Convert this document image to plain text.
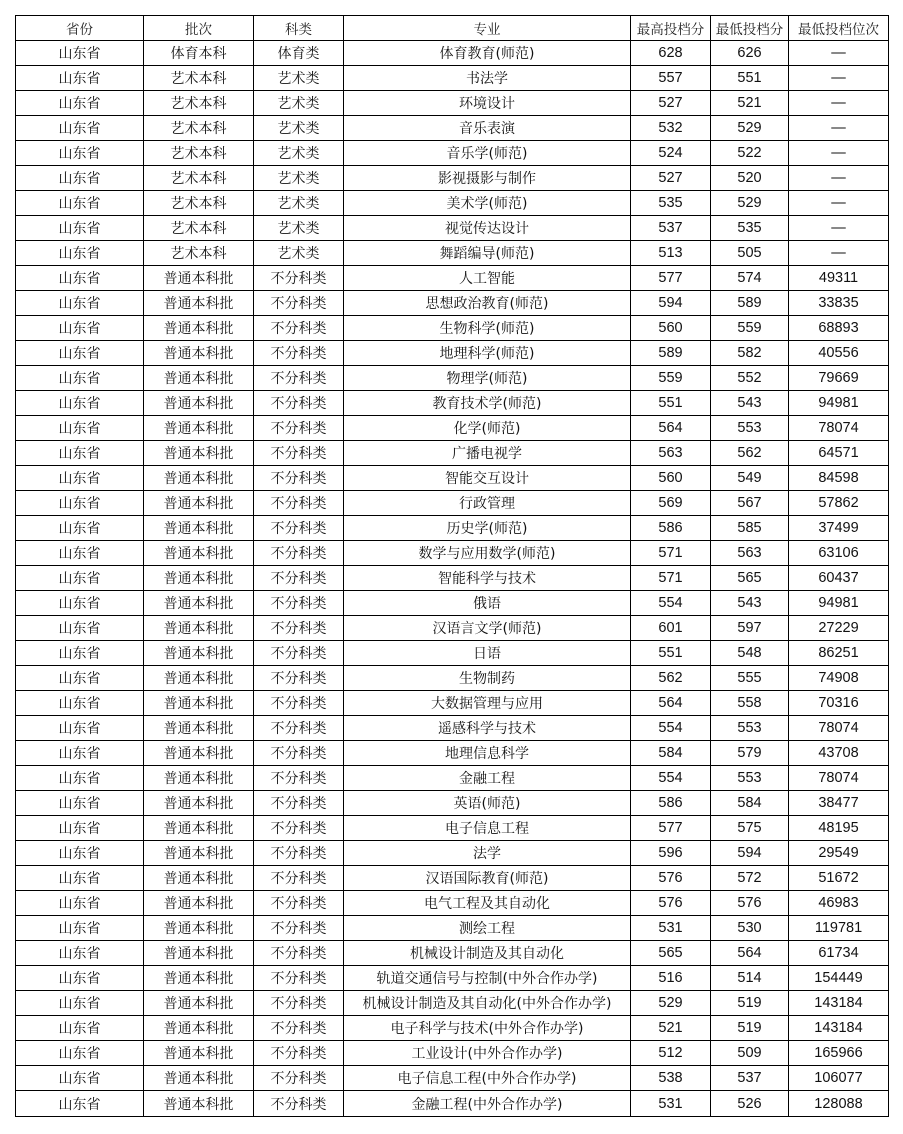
省份	批次	科类	专业	最高投档分	最低投档分	最低投档位次
山东省	体育本科	体育类	体育教育(师范)	628	626	—
山东省	艺术本科	艺术类	书法学	557	551	—
山东省	艺术本科	艺术类	环境设计	527	521	—
山东省	艺术本科	艺术类	音乐表演	532	529	—
山东省	艺术本科	艺术类	音乐学(师范)	524	522	—
山东省	艺术本科	艺术类	影视摄影与制作	527	520	—
山东省	艺术本科	艺术类	美术学(师范)	535	529	—
山东省	艺术本科	艺术类	视觉传达设计	537	535	—
山东省	艺术本科	艺术类	舞蹈编导(师范)	513	505	—
山东省	普通本科批	不分科类	人工智能	577	574	49311
山东省	普通本科批	不分科类	思想政治教育(师范)	594	589	33835
山东省	普通本科批	不分科类	生物科学(师范)	560	559	68893
山东省	普通本科批	不分科类	地理科学(师范)	589	582	40556
山东省	普通本科批	不分科类	物理学(师范)	559	552	79669
山东省	普通本科批	不分科类	教育技术学(师范)	551	543	94981
山东省	普通本科批	不分科类	化学(师范)	564	553	78074
山东省	普通本科批	不分科类	广播电视学	563	562	64571
山东省	普通本科批	不分科类	智能交互设计	560	549	84598
山东省	普通本科批	不分科类	行政管理	569	567	57862
山东省	普通本科批	不分科类	历史学(师范)	586	585	37499
山东省	普通本科批	不分科类	数学与应用数学(师范)	571	563	63106
山东省	普通本科批	不分科类	智能科学与技术	571	565	60437
山东省	普通本科批	不分科类	俄语	554	543	94981
山东省	普通本科批	不分科类	汉语言文学(师范)	601	597	27229
山东省	普通本科批	不分科类	日语	551	548	86251
山东省	普通本科批	不分科类	生物制药	562	555	74908
山东省	普通本科批	不分科类	大数据管理与应用	564	558	70316
山东省	普通本科批	不分科类	遥感科学与技术	554	553	78074
山东省	普通本科批	不分科类	地理信息科学	584	579	43708
山东省	普通本科批	不分科类	金融工程	554	553	78074
山东省	普通本科批	不分科类	英语(师范)	586	584	38477
山东省	普通本科批	不分科类	电子信息工程	577	575	48195
山东省	普通本科批	不分科类	法学	596	594	29549
山东省	普通本科批	不分科类	汉语国际教育(师范)	576	572	51672
山东省	普通本科批	不分科类	电气工程及其自动化	576	576	46983
山东省	普通本科批	不分科类	测绘工程	531	530	119781
山东省	普通本科批	不分科类	机械设计制造及其自动化	565	564	61734
山东省	普通本科批	不分科类	轨道交通信号与控制(中外合作办学)	516	514	154449
山东省	普通本科批	不分科类	机械设计制造及其自动化(中外合作办学)	529	519	143184
山东省	普通本科批	不分科类	电子科学与技术(中外合作办学)	521	519	143184
山东省	普通本科批	不分科类	工业设计(中外合作办学)	512	509	165966
山东省	普通本科批	不分科类	电子信息工程(中外合作办学)	538	537	106077
山东省	普通本科批	不分科类	金融工程(中外合作办学)	531	526	128088
